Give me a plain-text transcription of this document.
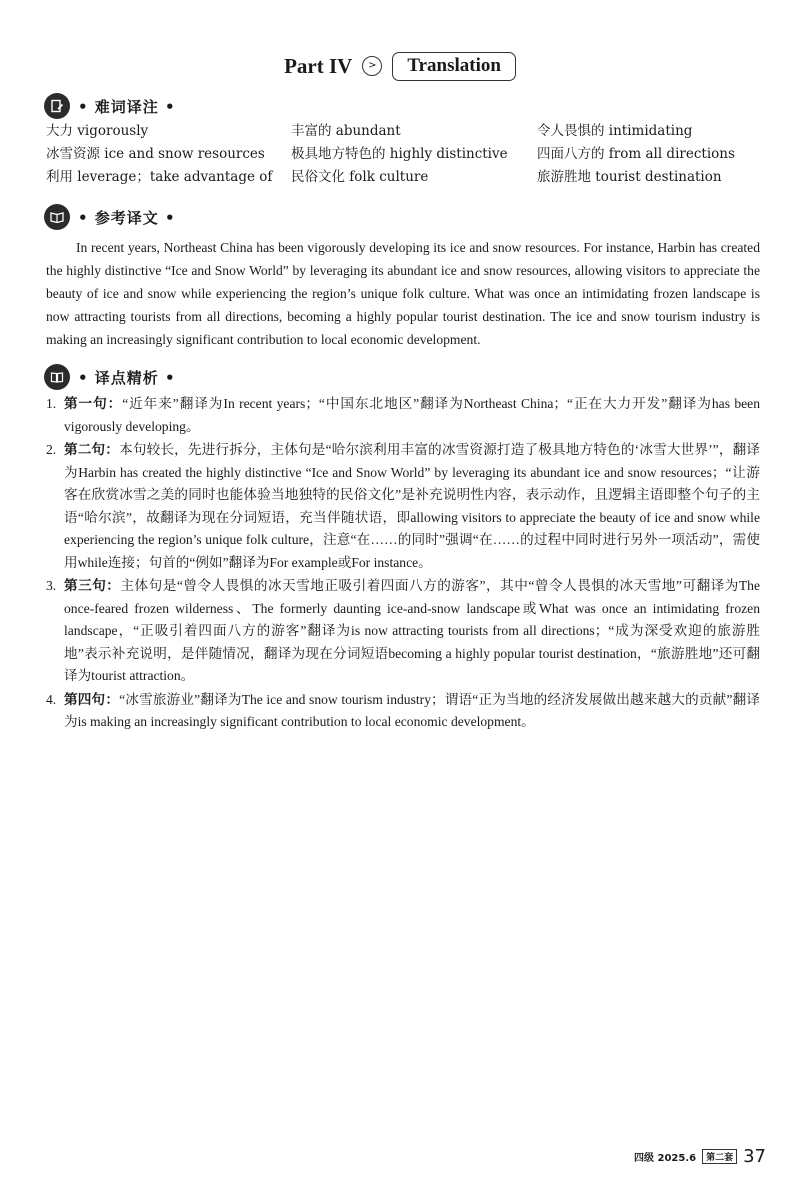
Part IV	>	Translation
• 难词译注 •
大力 vigorously	丰富的 abundant	令人畏惧的 intimidating
冰雪资源 ice and snow resources	极具地方特色的 highly distinctive	四面八方的 from all directions
利用 leverage；take advantage of	民俗文化 folk culture	旅游胜地 tourist destination
• 参考译文 •

In recent years, Northeast China has been vigorously developing its ice and snow resources. For instance, Harbin has created the highly distinctive “Ice and Snow World” by leveraging its abundant ice and snow resources, allowing visitors to appreciate the beauty of ice and snow while experiencing the region’s unique folk culture. What was once an intimidating frozen landscape is now attracting tourists from all directions, becoming a highly popular tourist destination. The ice and snow tourism industry is making an increasingly significant contribution to local economic development.

• 译点精析 •
1. 第一句：“近年来”翻译为In recent years；“中国东北地区”翻译为Northeast China；“正在大力开发”翻译为has been vigorously developing。
2. 第二句：本句较长，先进行拆分，主体句是“哈尔滨利用丰富的冰雪资源打造了极具地方特色的‘冰雪大世界’”，翻译为Harbin has created the highly distinctive “Ice and Snow World” by leveraging its abundant ice and snow resources；“让游客在欣赏冰雪之美的同时也能体验当地独特的民俗文化”是补充说明性内容，表示动作，且逻辑主语即整个句子的主语“哈尔滨”，故翻译为现在分词短语，充当伴随状语，即allowing visitors to appreciate the beauty of ice and snow while experiencing the region’s unique folk culture，注意“在……的同时”强调“在……的过程中同时进行另外一项活动”，需使用while连接；句首的“例如”翻译为For example或For instance。
3. 第三句：主体句是“曾令人畏惧的冰天雪地正吸引着四面八方的游客”，其中“曾令人畏惧的冰天雪地”可翻译为The once-feared frozen wilderness、The formerly daunting ice-and-snow landscape或What was once an intimidating frozen landscape，“正吸引着四面八方的游客”翻译为is now attracting tourists from all directions；“成为深受欢迎的旅游胜地”表示补充说明，是伴随情况，翻译为现在分词短语becoming a highly popular tourist destination，“旅游胜地”还可翻译为tourist attraction。
4. 第四句：“冰雪旅游业”翻译为The ice and snow tourism industry；谓语“正为当地的经济发展做出越来越大的贡献”翻译为is making an increasingly significant contribution to local economic development。
四级 2025.6	第二套 37
